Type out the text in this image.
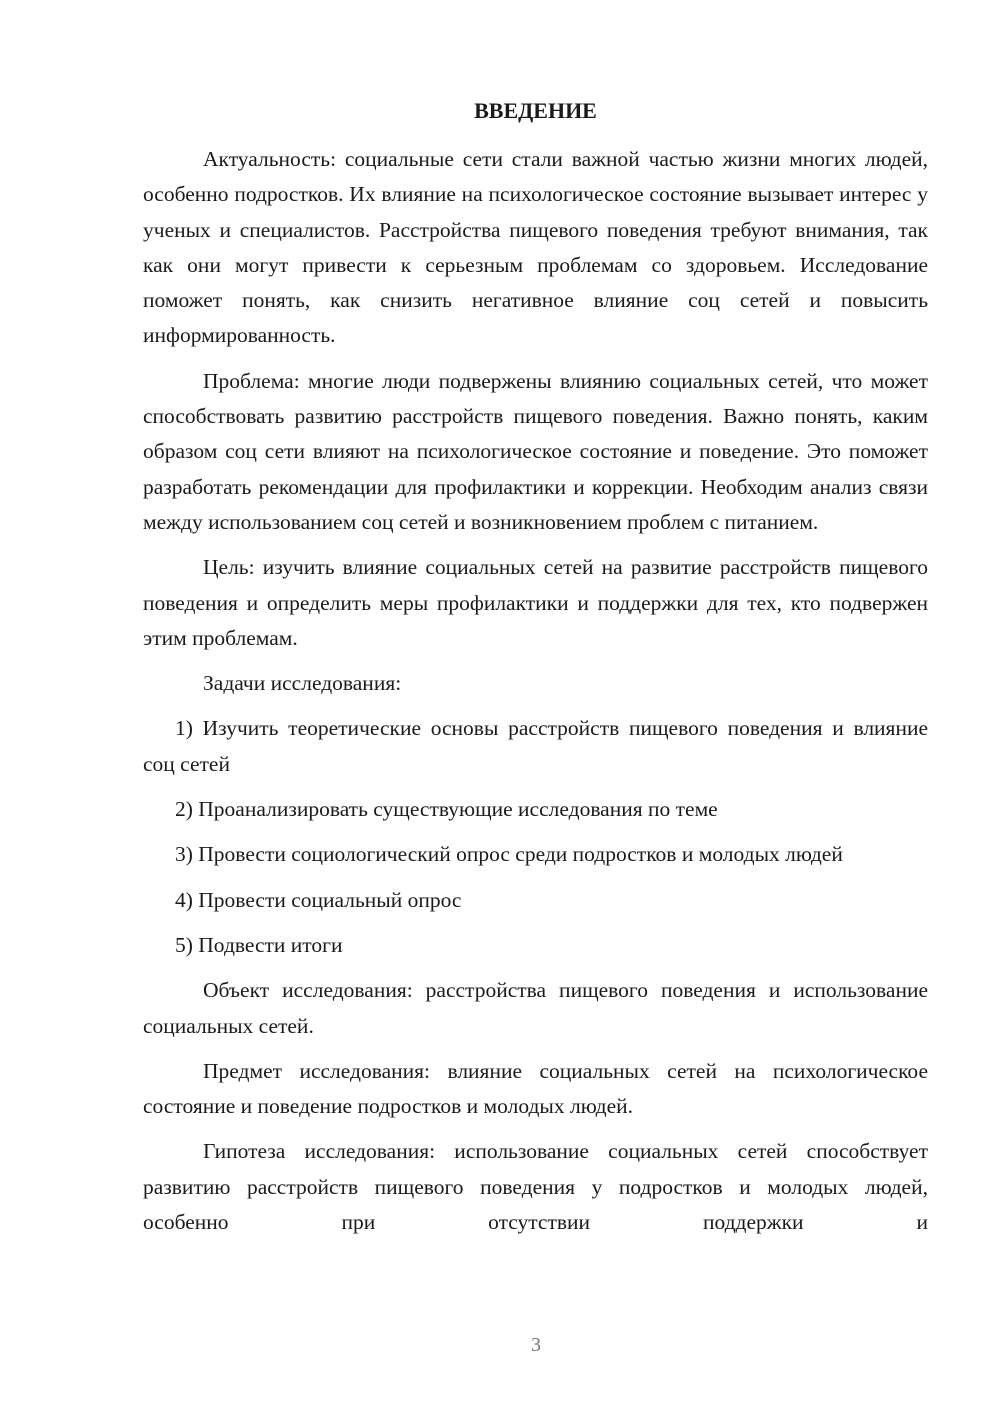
ВВЕДЕНИЕ

Актуальность: социальные сети стали важной частью жизни многих людей, особенно подростков. Их влияние на психологическое состояние вызывает интерес у ученых и специалистов. Расстройства пищевого поведения требуют внимания, так как они могут привести к серьезным проблемам со здоровьем. Исследование поможет понять, как снизить негативное влияние соц сетей и повысить информированность.

Проблема: многие люди подвержены влиянию социальных сетей, что может способствовать развитию расстройств пищевого поведения. Важно понять, каким образом соц сети влияют на психологическое состояние и поведение. Это поможет разработать рекомендации для профилактики и коррекции. Необходим анализ связи между использованием соц сетей и возникновением проблем с питанием.

Цель: изучить влияние социальных сетей на развитие расстройств пищевого поведения и определить меры профилактики и поддержки для тех, кто подвержен этим проблемам.

Задачи исследования:

1) Изучить теоретические основы расстройств пищевого поведения и влияние соц сетей

2) Проанализировать существующие исследования по теме

3) Провести социологический опрос среди подростков и молодых людей

4) Провести социальный опрос

5) Подвести итоги

Объект исследования: расстройства пищевого поведения и использование социальных сетей.

Предмет исследования: влияние социальных сетей на психологическое состояние и поведение подростков и молодых людей.

Гипотеза исследования: использование социальных сетей способствует развитию расстройств пищевого поведения у подростков и молодых людей, особенно при отсутствии поддержки и

3
